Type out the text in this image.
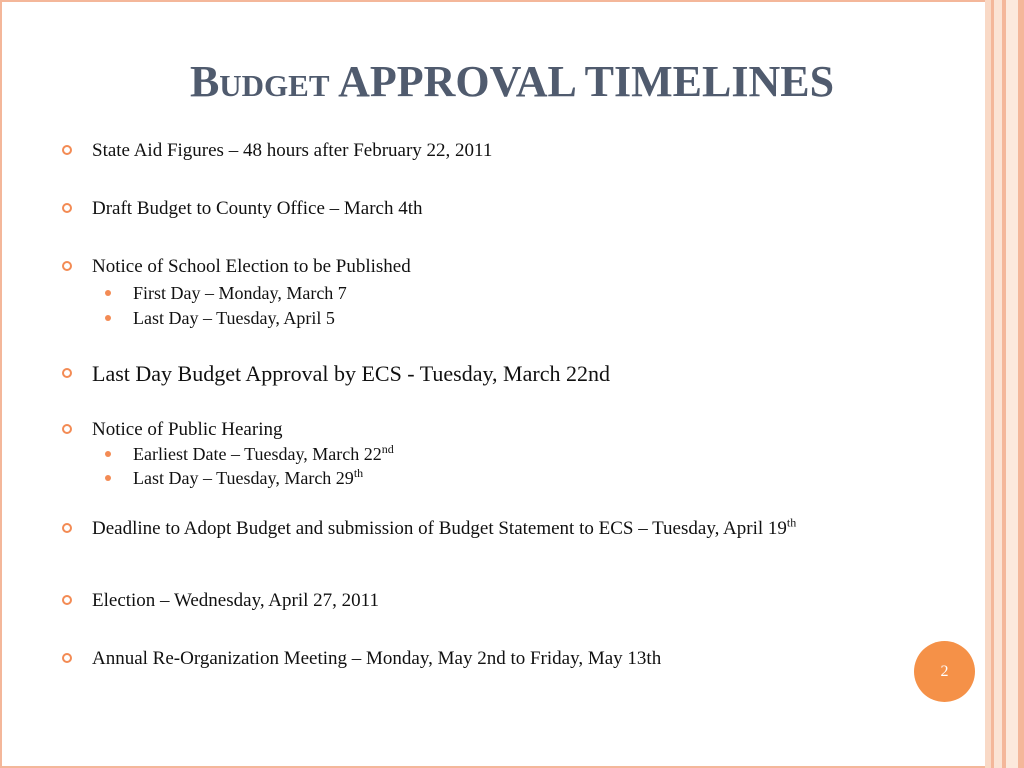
Budget APPROVAL TIMELINES
State Aid Figures – 48 hours after February 22, 2011
Draft Budget to County Office – March 4th
Notice of School Election to be Published
First Day – Monday, March 7
Last Day – Tuesday, April 5
Last Day Budget Approval by ECS - Tuesday, March 22nd
Notice of Public Hearing
Earliest Date – Tuesday, March 22nd
Last Day – Tuesday, March 29th
Deadline to Adopt Budget and submission of Budget Statement to ECS – Tuesday, April 19th
Election – Wednesday, April 27, 2011
Annual Re-Organization Meeting – Monday, May 2nd to Friday, May 13th
2
